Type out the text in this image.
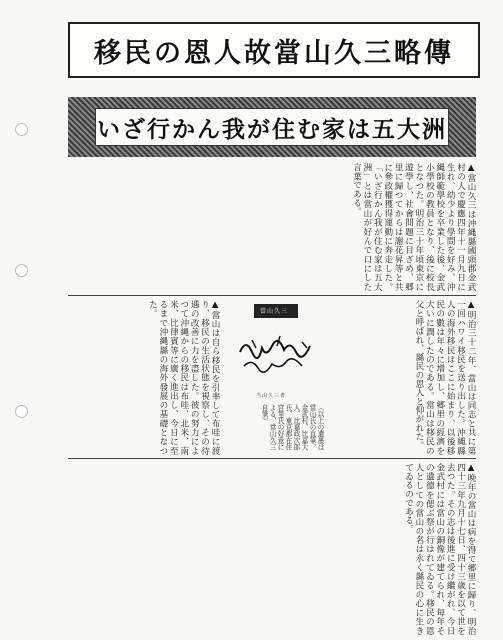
移民の恩人故當山久三略傳
いざ行かん我が住む家は五大洲
▲當山久三は沖縄縣國頭郡金武村の人で慶應四年十一月九日に生れ、幼少より學問を好み、沖縄師範學校を卒業した後、金武小學校の教員となり、後に校長となつた。明治三十年頃東京に遊學し、社會問題に目ざめ、郷里に歸つてからは謝花昇等と共に參政權獲得運動に奔走した。「いざ行かん我が住む家は五大洲」とは當山が好んで口にした言葉である。
▲明治三十二年、當山は同志と共に第一回ハワイ移民を送り出した。沖縄縣人の海外移民はここに始まり、以後移民の數は年々に增加し、郷里の經濟を大いに潤したのである。當山は移民の父と呼ばれ、縣民の恩人と仰がれた。
當山久三
当山久三書
（以上の遺墨は當山氏の直筆、金武村、比嘉大人、比嘉政次郎氏、東京都在住宮里氏の好意による、當山久三自筆）
▲當山は自ら移民を引率して布哇に渡り、移民の生活状態を視察し、その待遇の改善に力を盡した。彼の努力によつて沖縄からの移民は布哇、北米、南米、比律賓等に廣く進出し、今日に至るまで沖縄縣の海外發展の基礎となつた。
▲晩年の當山は病を得て郷里に歸り、明治四十三年九月十七日、四十三歳を以て世を去つた。その志は後進に受け繼がれ、今日金武村には當山の銅像が建てられ、毎年その遺德を偲ぶ祭が行はれてゐる。移民の恩人としての當山の名は永く縣民の心に生きてゐるのである。
